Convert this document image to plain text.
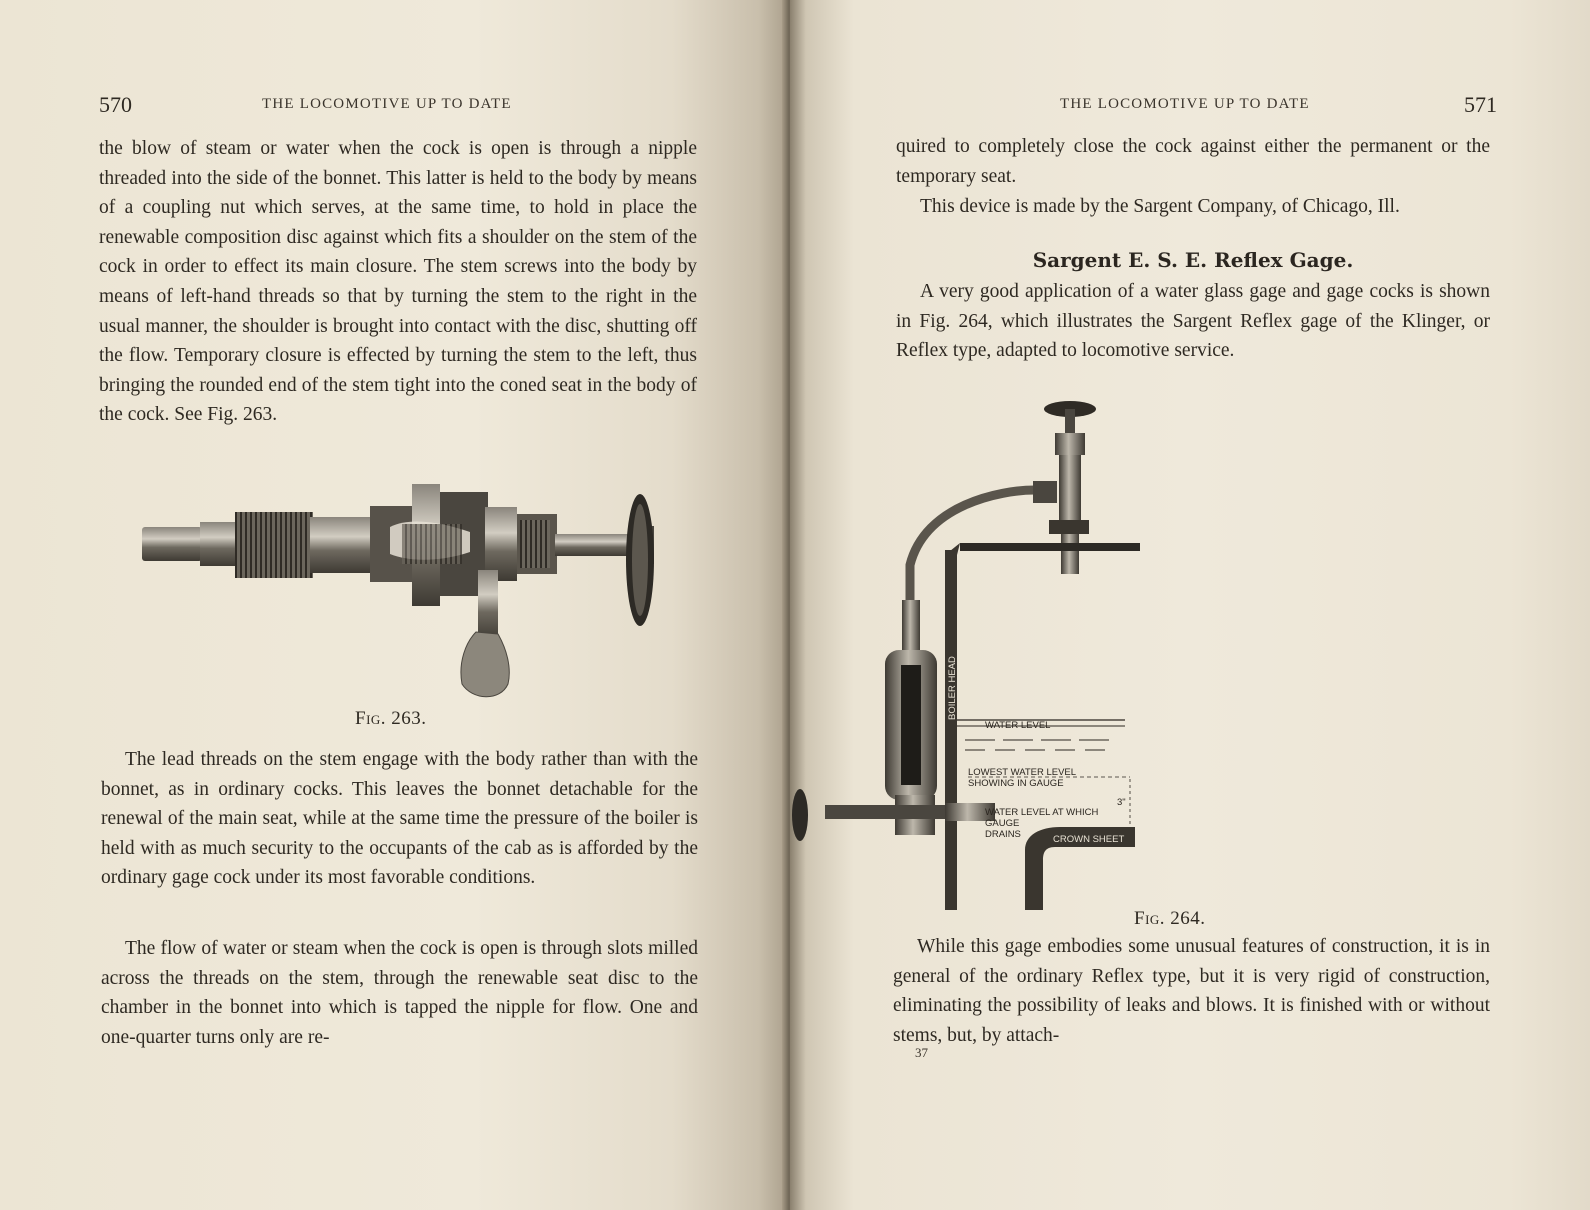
570	THE LOCOMOTIVE UP TO DATE

the blow of steam or water when the cock is open is through a nipple threaded into the side of the bonnet. This latter is held to the body by means of a coupling nut which serves, at the same time, to hold in place the renewable composition disc against which fits a shoulder on the stem of the cock in order to effect its main closure. The stem screws into the body by means of left-hand threads so that by turning the stem to the right in the usual manner, the shoulder is brought into contact with the disc, shutting off the flow. Temporary closure is effected by turning the stem to the left, thus bringing the rounded end of the stem tight into the coned seat in the body of the cock. See Fig. 263.

Fig. 263.

The lead threads on the stem engage with the body rather than with the bonnet, as in ordinary cocks. This leaves the bonnet detachable for the renewal of the main seat, while at the same time the pressure of the boiler is held with as much security to the occupants of the cab as is afforded by the ordinary gage cock under its most favorable conditions.

The flow of water or steam when the cock is open is through slots milled across the threads on the stem, through the renewable seat disc to the chamber in the bonnet into which is tapped the nipple for flow. One and one-quarter turns only are re-

THE LOCOMOTIVE UP TO DATE	571

quired to completely close the cock against either the permanent or the temporary seat.

This device is made by the Sargent Company, of Chicago, Ill.

Sargent E. S. E. Reflex Gage.

A very good application of a water glass gage and gage cocks is shown in Fig. 264, which illustrates the Sargent Reflex gage of the Klinger, or Reflex type, adapted to locomotive service.

BOILER HEAD
WATER LEVEL
LOWEST WATER LEVEL
SHOWING IN GAUGE
WATER LEVEL AT WHICH
GAUGE
DRAINS
3"
CROWN SHEET
Fig. 264.

While this gage embodies some unusual features of construction, it is in general of the ordinary Reflex type, but it is very rigid of construction, eliminating the possibility of leaks and blows. It is finished with or without stems, but, by attach-

37
